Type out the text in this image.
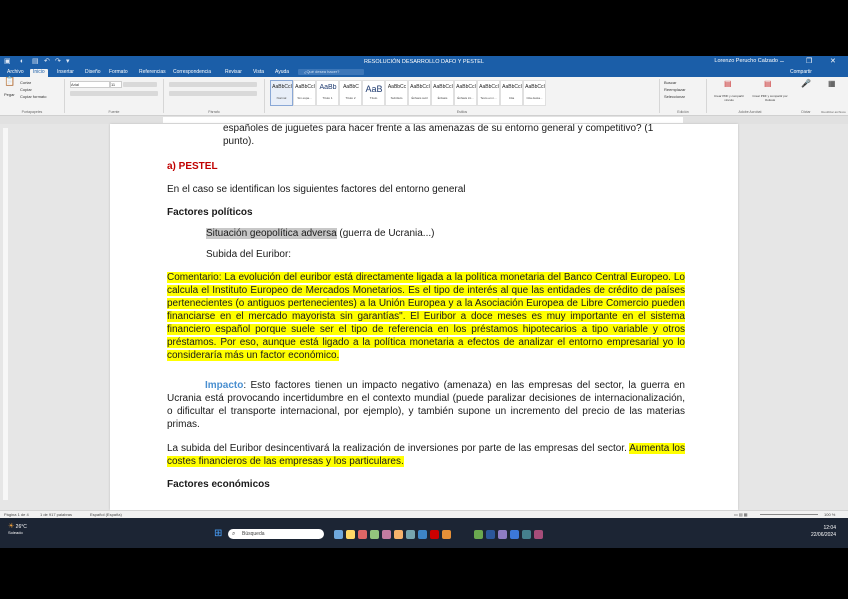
▣ ◐ ▤ ↶ ↷ ▾	RESOLUCIÓN DESARROLLO DAFO Y PESTEL	Lorenzo Perucho Calzado –	❐	✕
Archivo	Inicio	Insertar	Diseño	Formato	Referencias	Correspondencia	Revisar	Vista	Ayuda	¿Qué desea hacer?	Compartir
📋
Pegar
Cortar
Copiar
Copiar formato
Portapapeles
Arial	11
Fuente	Párrafo
AaBbCcI
Normal
AaBbCcI
Sin espa...
AaBb
Título 1
AaBbC
Título 2
AaB
Título
AaBbCc
Subtítulo
AaBbCcI
Énfasis sutil
AaBbCcI
Énfasis
AaBbCcI
Énfasis int...
AaBbCcI
Texto en n...
AaBbCcI
Cita
AaBbCcI
Cita desta...
Estilos
Buscar
Reemplazar
Seleccionar
Edición
Crear PDF y compartir vínculo
Crear PDF y compartir por Outlook
▤	▤
Adobe Acrobat
🎤
Dictar
▦
Reutilizar archivos
españoles de juguetes para hacer frente a las amenazas de su entorno general y competitivo? (1
punto).
a) PESTEL
En el caso se identifican los siguientes factores del entorno general
Factores políticos
Situación geopolítica adversa (guerra de Ucrania...)
Subida del Euribor:
Comentario: La evolución del euribor está directamente ligada a la política monetaria del Banco Central Europeo. Lo calcula el Instituto Europeo de Mercados Monetarios. Es el tipo de interés al que las entidades de crédito de países pertenecientes (o antiguos pertenecientes) a la Unión Europea y a la Asociación Europea de Libre Comercio pueden financiarse en el mercado mayorista sin garantías". El Euribor a doce meses es muy importante en el sistema financiero español porque suele ser el tipo de referencia en los préstamos hipotecarios a tipo variable y otros préstamos. Por eso, aunque está ligado a la política monetaria a efectos de analizar el entorno empresarial yo lo consideraría más un factor económico.
Impacto: Esto factores tienen un impacto negativo (amenaza) en las empresas del sector, la guerra en Ucrania está provocando incertidumbre en el contexto mundial (puede paralizar decisiones de internacionalización, o dificultar el transporte internacional, por ejemplo), y también supone un incremento del precio de las materias primas.
La subida del Euribor desincentivará la realización de inversiones por parte de las empresas del sector. Aumenta los costes financieros de las empresas y los particulares.
Factores económicos
Página 1 de 4	1 de 917 palabras	Español (España)	▭ ▤ ▦	100 %
☀ 26°C
Soleado	⊞ ⌕ Búsqueda
12:04
22/06/2024
